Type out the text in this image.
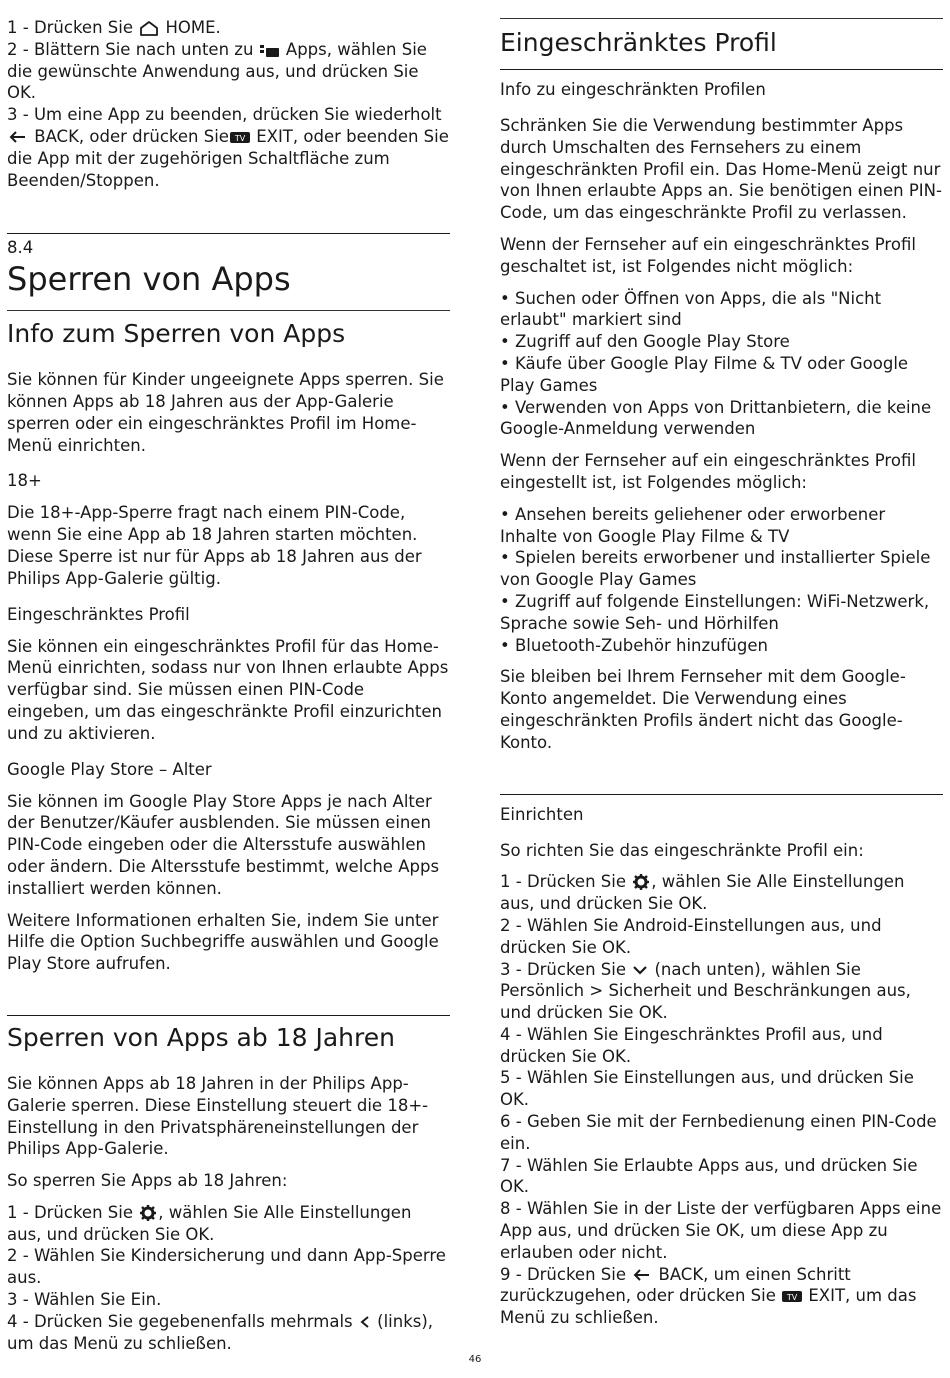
1 - Drücken Sie  HOME.

2 - Blättern Sie nach unten zu  Apps, wählen Sie die gewünschte Anwendung aus, und drücken Sie OK.

3 - Um eine App zu beenden, drücken Sie wiederholt  BACK, oder drücken Sie TV EXIT, oder beenden Sie die App mit der zugehörigen Schaltfläche zum Beenden/Stoppen.

8.4

Sperren von Apps
Info zum Sperren von Apps

Sie können für Kinder ungeeignete Apps sperren. Sie können Apps ab 18 Jahren aus der App-Galerie sperren oder ein eingeschränktes Profil im Home-Menü einrichten.

18+

Die 18+-App-Sperre fragt nach einem PIN-Code, wenn Sie eine App ab 18 Jahren starten möchten. Diese Sperre ist nur für Apps ab 18 Jahren aus der Philips App-Galerie gültig.

Eingeschränktes Profil

Sie können ein eingeschränktes Profil für das Home-Menü einrichten, sodass nur von Ihnen erlaubte Apps verfügbar sind. Sie müssen einen PIN-Code eingeben, um das eingeschränkte Profil einzurichten und zu aktivieren.

Google Play Store – Alter

Sie können im Google Play Store Apps je nach Alter der Benutzer/Käufer ausblenden. Sie müssen einen PIN-Code eingeben oder die Altersstufe auswählen oder ändern. Die Altersstufe bestimmt, welche Apps installiert werden können.

Weitere Informationen erhalten Sie, indem Sie unter Hilfe die Option Suchbegriffe auswählen und Google Play Store aufrufen.

Sperren von Apps ab 18 Jahren

Sie können Apps ab 18 Jahren in der Philips App-Galerie sperren. Diese Einstellung steuert die 18+-Einstellung in den Privatsphäreneinstellungen der Philips App-Galerie.

So sperren Sie Apps ab 18 Jahren:

1 - Drücken Sie , wählen Sie Alle Einstellungen aus, und drücken Sie OK.

2 - Wählen Sie Kindersicherung und dann App-Sperre aus.

3 - Wählen Sie Ein.

4 - Drücken Sie gegebenenfalls mehrmals  (links), um das Menü zu schließen.

Eingeschränktes Profil
Info zu eingeschränkten Profilen

Schränken Sie die Verwendung bestimmter Apps durch Umschalten des Fernsehers zu einem eingeschränkten Profil ein. Das Home-Menü zeigt nur von Ihnen erlaubte Apps an. Sie benötigen einen PIN-Code, um das eingeschränkte Profil zu verlassen.

Wenn der Fernseher auf ein eingeschränktes Profil geschaltet ist, ist Folgendes nicht möglich:

• Suchen oder Öffnen von Apps, die als "Nicht erlaubt" markiert sind

• Zugriff auf den Google Play Store

• Käufe über Google Play Filme & TV oder Google Play Games

• Verwenden von Apps von Drittanbietern, die keine Google-Anmeldung verwenden

Wenn der Fernseher auf ein eingeschränktes Profil eingestellt ist, ist Folgendes möglich:

• Ansehen bereits geliehener oder erworbener Inhalte von Google Play Filme & TV

• Spielen bereits erworbener und installierter Spiele von Google Play Games

• Zugriff auf folgende Einstellungen: WiFi-Netzwerk, Sprache sowie Seh- und Hörhilfen

• Bluetooth-Zubehör hinzufügen

Sie bleiben bei Ihrem Fernseher mit dem Google-Konto angemeldet. Die Verwendung eines eingeschränkten Profils ändert nicht das Google-Konto.

Einrichten

So richten Sie das eingeschränkte Profil ein:

1 - Drücken Sie , wählen Sie Alle Einstellungen aus, und drücken Sie OK.

2 - Wählen Sie Android-Einstellungen aus, und drücken Sie OK.

3 - Drücken Sie  (nach unten), wählen Sie Persönlich > Sicherheit und Beschränkungen aus, und drücken Sie OK.

4 - Wählen Sie Eingeschränktes Profil aus, und drücken Sie OK.

5 - Wählen Sie Einstellungen aus, und drücken Sie OK.

6 - Geben Sie mit der Fernbedienung einen PIN-Code ein.

7 - Wählen Sie Erlaubte Apps aus, und drücken Sie OK.

8 - Wählen Sie in der Liste der verfügbaren Apps eine App aus, und drücken Sie OK, um diese App zu erlauben oder nicht.

9 - Drücken Sie  BACK, um einen Schritt zurückzugehen, oder drücken Sie TV EXIT, um das Menü zu schließen.

46
